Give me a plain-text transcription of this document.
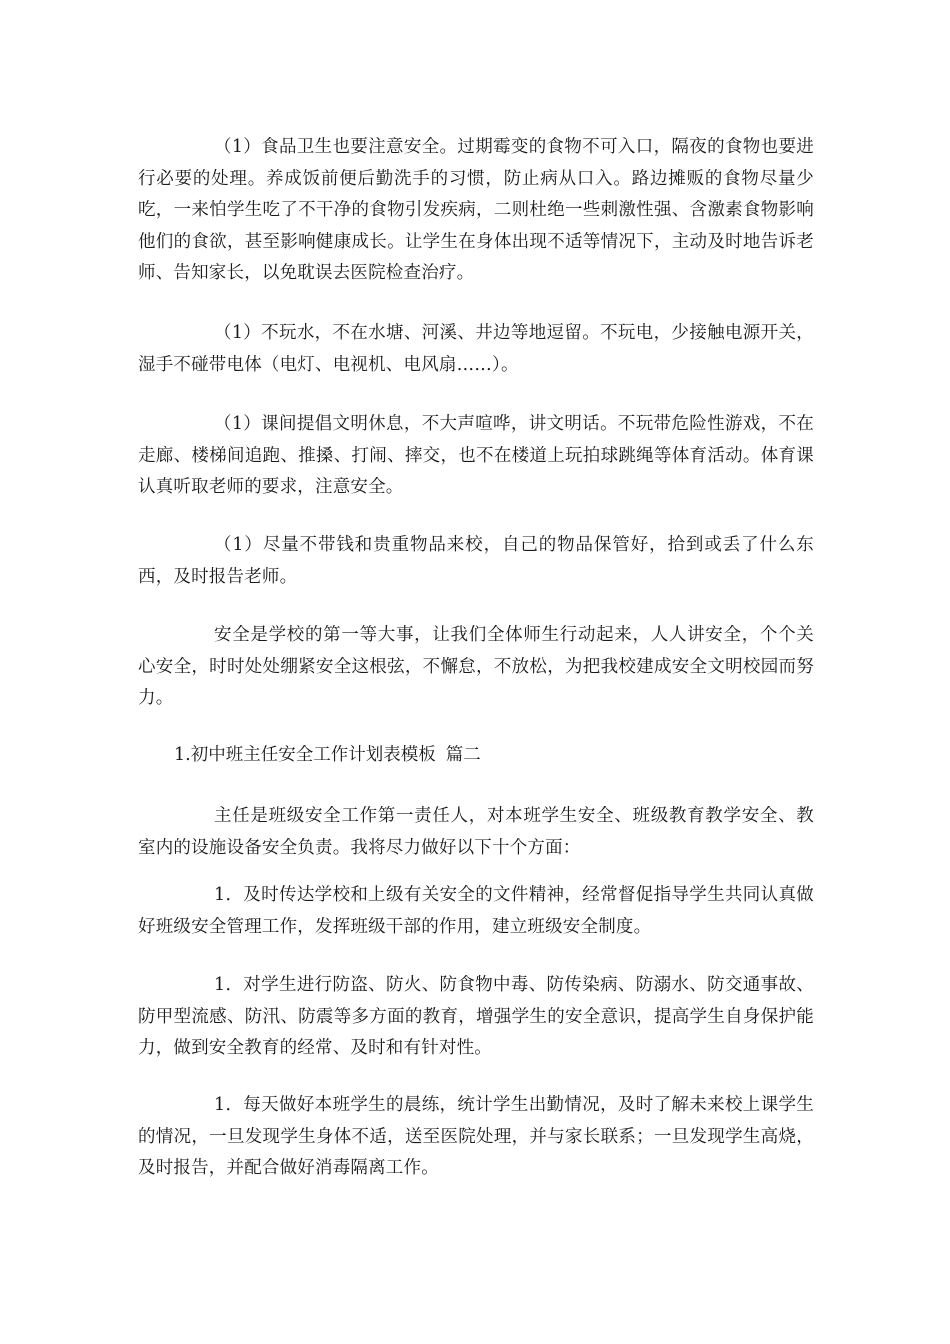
（1）食品卫生也要注意安全。过期霉变的食物不可入口，隔夜的食物也要进行必要的处理。养成饭前便后勤洗手的习惯，防止病从口入。路边摊贩的食物尽量少吃，一来怕学生吃了不干净的食物引发疾病，二则杜绝一些刺激性强、含激素食物影响他们的食欲，甚至影响健康成长。让学生在身体出现不适等情况下，主动及时地告诉老师、告知家长，以免耽误去医院检查治疗。

（1）不玩水，不在水塘、河溪、井边等地逗留。不玩电，少接触电源开关，湿手不碰带电体（电灯、电视机、电风扇……）。

（1）课间提倡文明休息，不大声喧哗，讲文明话。不玩带危险性游戏，不在走廊、楼梯间追跑、推搡、打闹、摔交，也不在楼道上玩拍球跳绳等体育活动。体育课认真听取老师的要求，注意安全。

（1）尽量不带钱和贵重物品来校，自己的物品保管好，拾到或丢了什么东西，及时报告老师。

安全是学校的第一等大事，让我们全体师生行动起来，人人讲安全，个个关心安全，时时处处绷紧安全这根弦，不懈怠，不放松，为把我校建成安全文明校园而努力。

1.初中班主任安全工作计划表模板 篇二

主任是班级安全工作第一责任人，对本班学生安全、班级教育教学安全、教室内的设施设备安全负责。我将尽力做好以下十个方面：

1．及时传达学校和上级有关安全的文件精神，经常督促指导学生共同认真做好班级安全管理工作，发挥班级干部的作用，建立班级安全制度。

1．对学生进行防盗、防火、防食物中毒、防传染病、防溺水、防交通事故、防甲型流感、防汛、防震等多方面的教育，增强学生的安全意识，提高学生自身保护能力，做到安全教育的经常、及时和有针对性。

1．每天做好本班学生的晨练，统计学生出勤情况，及时了解未来校上课学生的情况，一旦发现学生身体不适，送至医院处理，并与家长联系；一旦发现学生高烧，及时报告，并配合做好消毒隔离工作。
